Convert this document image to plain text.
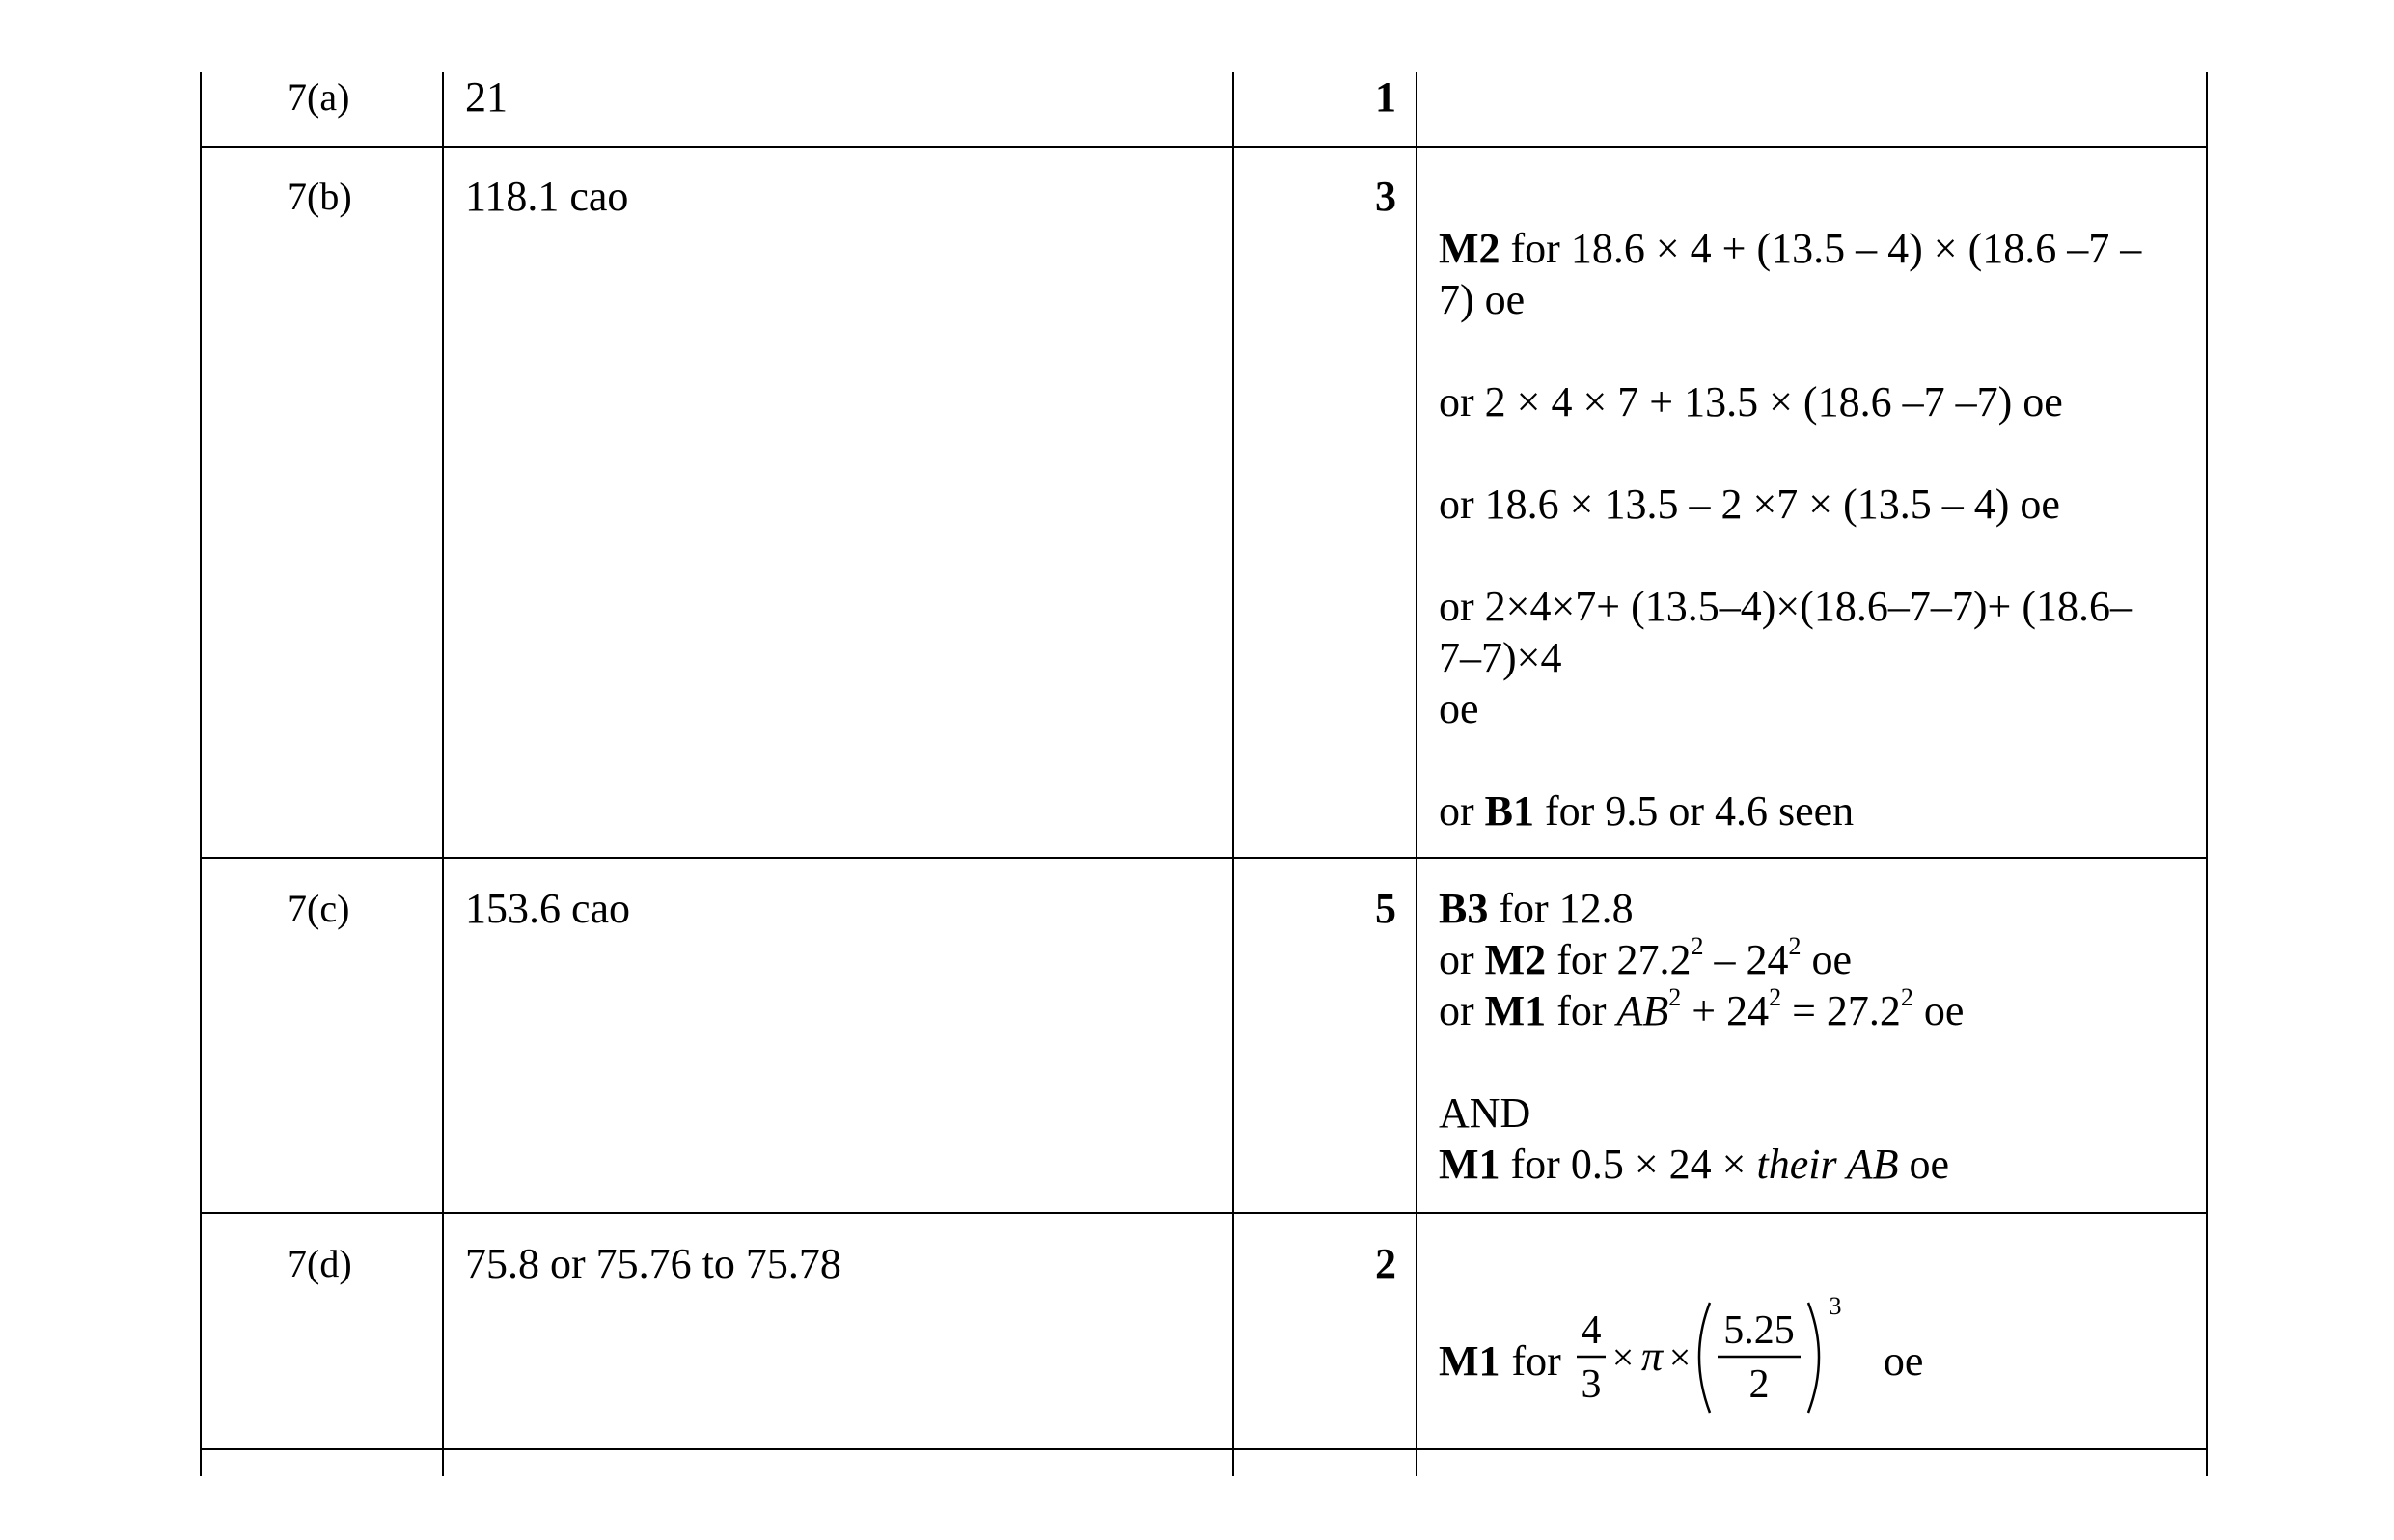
7(a)	21	1
7(b)	118.1 cao	3
M2 for 18.6 × 4 + (13.5 – 4) × (18.6 –7 –
7) oe
or 2 × 4 × 7 + 13.5 × (18.6 –7 –7) oe
or 18.6 × 13.5 – 2 ×7 × (13.5 – 4) oe
or 2×4×7+ (13.5–4)×(18.6–7–7)+ (18.6–
7–7)×4
oe
or B1 for 9.5 or 4.6 seen
7(c)	153.6 cao	5 B3 for 12.8
or M2 for $27.2^2 - 24^2$ oe
or M1 for $AB^2 + 24^2 = 27.2^2$ oe
AND
M1 for 0.5 × 24 × their AB oe
7(d)	75.8 or 75.76 to 75.78	2
M1 for
4
3
× π ×
5.25
2
3
oe
